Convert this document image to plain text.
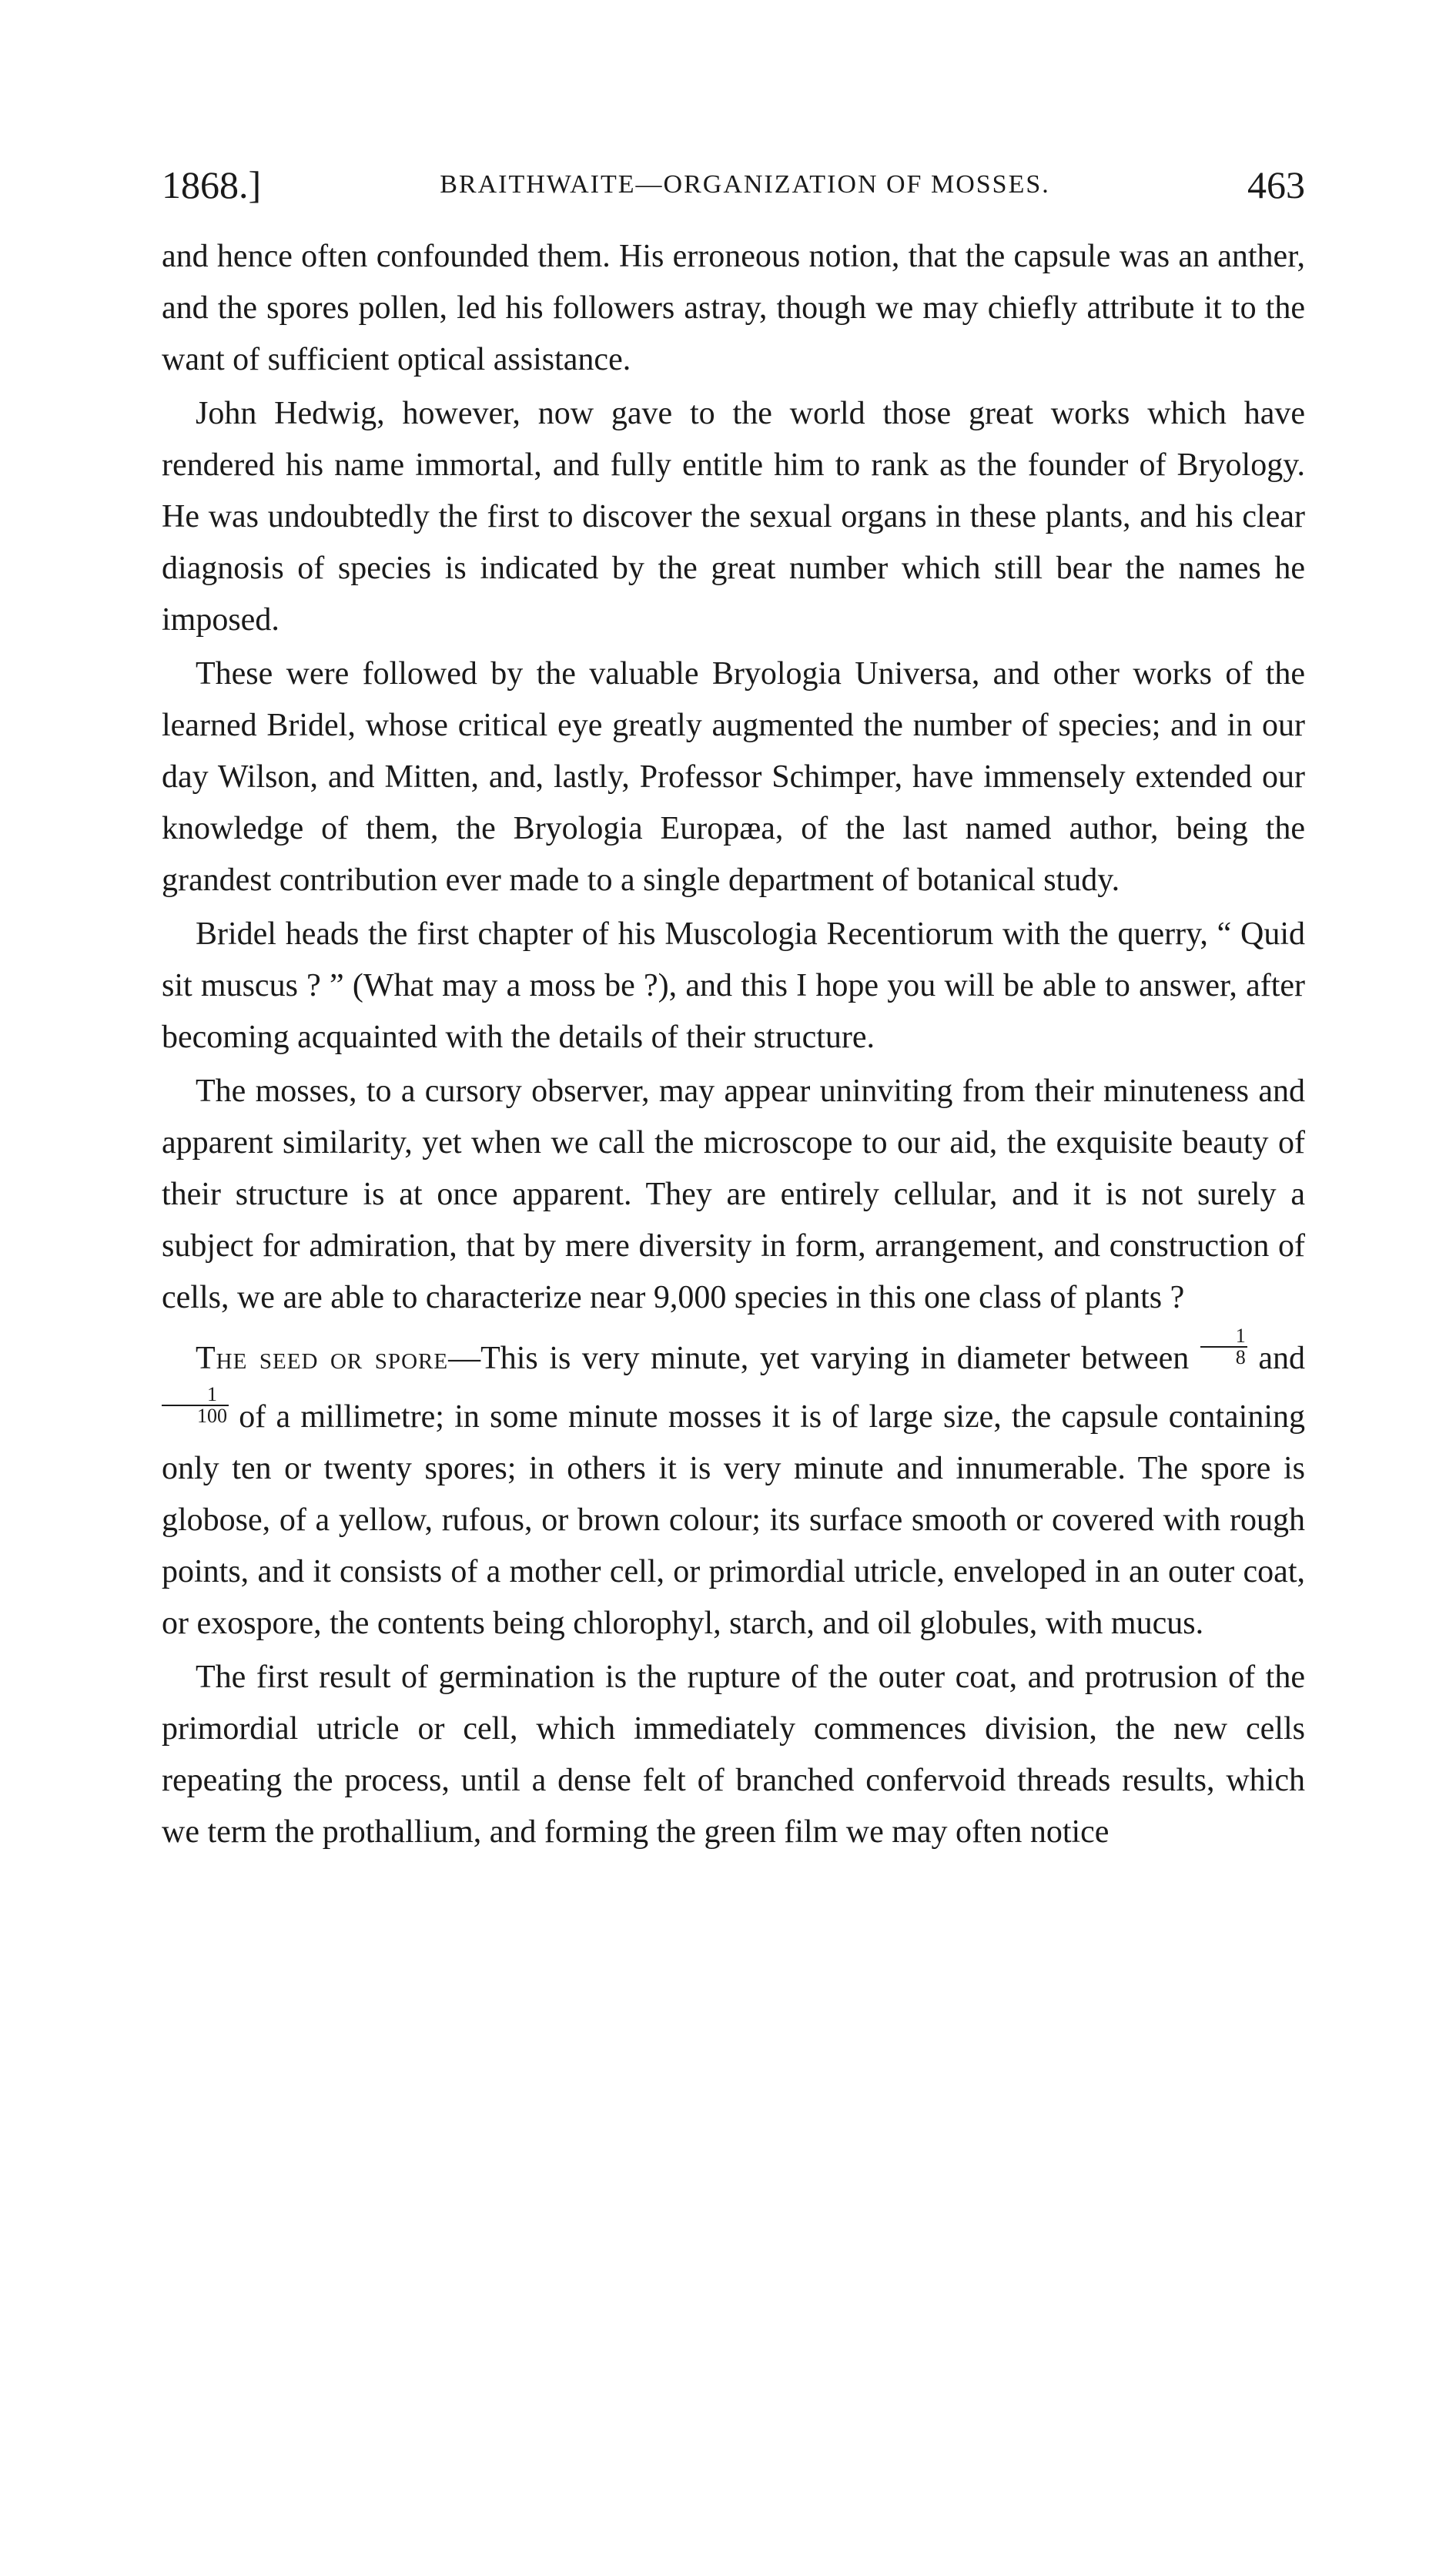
1868.]	BRAITHWAITE—ORGANIZATION OF MOSSES.	463

and hence often confounded them. His erroneous notion, that the capsule was an anther, and the spores pollen, led his followers astray, though we may chiefly attribute it to the want of sufficient optical assistance.

John Hedwig, however, now gave to the world those great works which have rendered his name immortal, and fully entitle him to rank as the founder of Bryology. He was undoubtedly the first to discover the sexual organs in these plants, and his clear diagnosis of species is indicated by the great number which still bear the names he imposed.

These were followed by the valuable Bryologia Universa, and other works of the learned Bridel, whose critical eye greatly augmented the number of species; and in our day Wilson, and Mitten, and, lastly, Professor Schimper, have immensely extended our knowledge of them, the Bryologia Europæa, of the last named author, being the grandest contribution ever made to a single department of botanical study.

Bridel heads the first chapter of his Muscologia Recentiorum with the querry, “ Quid sit muscus ? ” (What may a moss be ?), and this I hope you will be able to answer, after becoming acquainted with the details of their structure.

The mosses, to a cursory observer, may appear uninviting from their minuteness and apparent similarity, yet when we call the microscope to our aid, the exquisite beauty of their structure is at once apparent. They are entirely cellular, and it is not surely a subject for admiration, that by mere diversity in form, arrangement, and construction of cells, we are able to characterize near 9,000 species in this one class of plants ?

The seed or spore—This is very minute, yet varying in diameter between $\frac{1}{8}$ and
$\frac{1}{100}$ of a millimetre; in some minute mosses it is of large size, the capsule containing only ten or twenty spores; in others it is very minute and innumerable. The spore is globose, of a yellow, rufous, or brown colour; its surface smooth or covered with rough points, and it consists of a mother cell, or primordial utricle, enveloped in an outer coat, or exospore, the contents being chlorophyl, starch, and oil globules, with mucus.

The first result of germination is the rupture of the outer coat, and protrusion of the primordial utricle or cell, which immediately commences division, the new cells repeating the process, until a dense felt of branched confervoid threads results, which we term the prothallium, and forming the green film we may often notice
